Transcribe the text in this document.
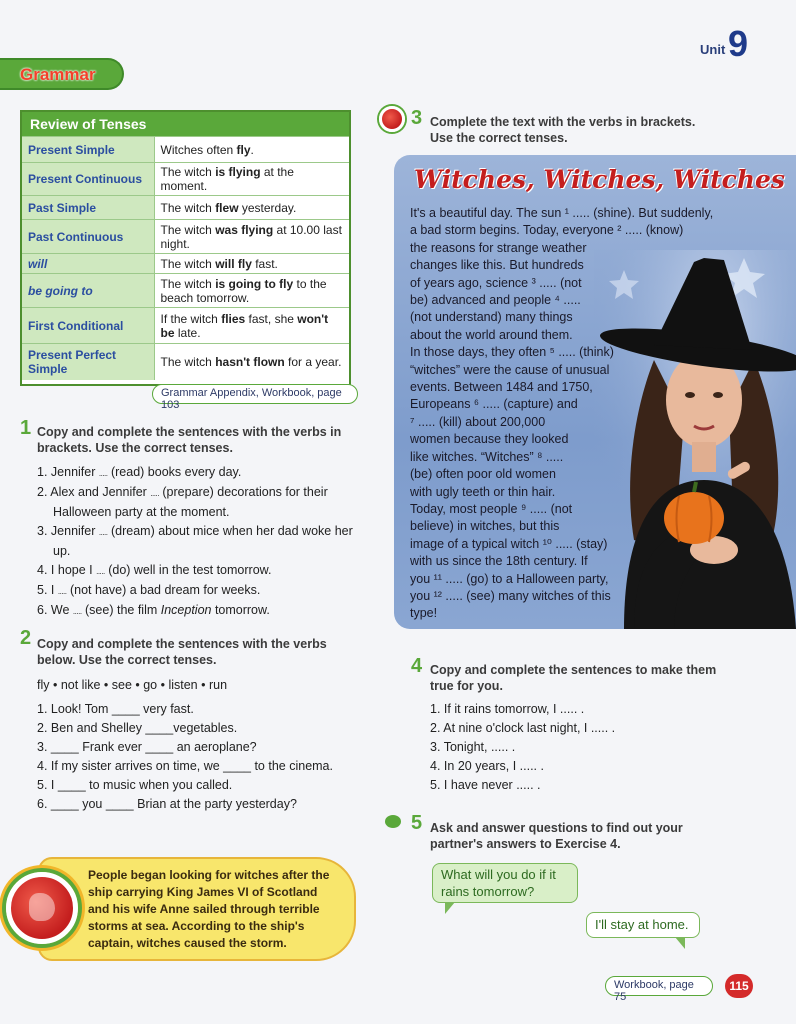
Unit 9
Grammar
Review of Tenses
Present Simple	Witches often fly.
Present Continuous	The witch is flying at the moment.
Past Simple	The witch flew yesterday.
Past Continuous	The witch was flying at 10.00 last night.
will	The witch will fly fast.
be going to	The witch is going to fly to the beach tomorrow.
First Conditional	If the witch flies fast, she won't be late.
Present Perfect Simple	The witch hasn't flown for a year.
Grammar Appendix, Workbook, page 103
1 Copy and complete the sentences with the verbs in brackets. Use the correct tenses.
1. Jennifer ..... (read) books every day.
2. Alex and Jennifer ..... (prepare) decorations for their Halloween party at the moment.
3. Jennifer ..... (dream) about mice when her dad woke her up.
4. I hope I ..... (do) well in the test tomorrow.
5. I ..... (not have) a bad dream for weeks.
6. We ..... (see) the film Inception tomorrow.
2 Copy and complete the sentences with the verbs below. Use the correct tenses.
fly • not like • see • go • listen • run
1. Look! Tom ____ very fast.
2. Ben and Shelley ____vegetables.
3. ____ Frank ever ____ an aeroplane?
4. If my sister arrives on time, we ____ to the cinema.
5. I ____ to music when you called.
6. ____ you ____ Brian at the party yesterday?
People began looking for witches after the ship carrying King James VI of Scotland and his wife Anne sailed through terrible storms at sea. According to the ship's captain, witches caused the storm.
3 Complete the text with the verbs in brackets. Use the correct tenses.
Witches, Witches, Witches
It's a beautiful day. The sun ¹ ..... (shine). But suddenly,
a bad storm begins. Today, everyone ² ..... (know)
the reasons for strange weather
changes like this. But hundreds
of years ago, science ³ ..... (not
be) advanced and people ⁴ .....
(not understand) many things
about the world around them.
In those days, they often ⁵ ..... (think)
“witches” were the cause of unusual
events. Between 1484 and 1750,
Europeans ⁶ ..... (capture) and
⁷ ..... (kill) about 200,000
women because they looked
like witches. “Witches” ⁸ .....
(be) often poor old women
with ugly teeth or thin hair.
Today, most people ⁹ ..... (not
believe) in witches, but this
image of a typical witch ¹⁰ ..... (stay)
with us since the 18th century. If
you ¹¹ ..... (go) to a Halloween party,
you ¹² ..... (see) many witches of this
type!
4 Copy and complete the sentences to make them true for you.
1. If it rains tomorrow, I ..... .
2. At nine o'clock last night, I ..... .
3. Tonight, ..... .
4. In 20 years, I ..... .
5. I have never ..... .
5 Ask and answer questions to find out your partner's answers to Exercise 4.
What will you do if it rains tomorrow?
I'll stay at home.
Workbook, page 75
115
